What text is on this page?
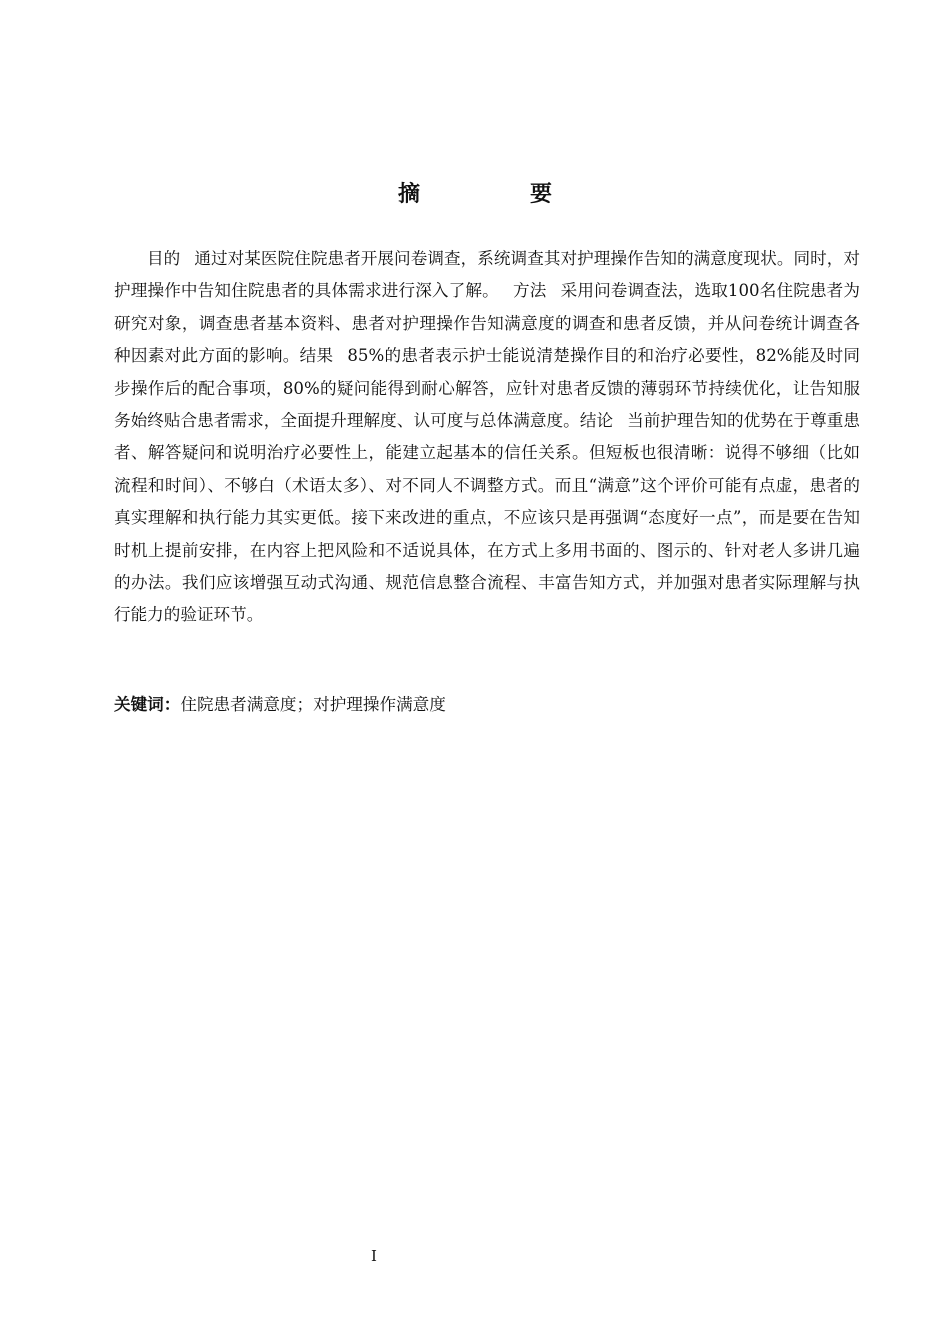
摘　要

目的 通过对某医院住院患者开展问卷调查，系统调查其对护理操作告知的满意度现状。同时，对护理操作中告知住院患者的具体需求进行深入了解。 方法 采用问卷调查法，选取100名住院患者为研究对象，调查患者基本资料、患者对护理操作告知满意度的调查和患者反馈，并从问卷统计调查各种因素对此方面的影响。结果 85%的患者表示护士能说清楚操作目的和治疗必要性，82%能及时同步操作后的配合事项，80%的疑问能得到耐心解答，应针对患者反馈的薄弱环节持续优化，让告知服务始终贴合患者需求，全面提升理解度、认可度与总体满意度。结论 当前护理告知的优势在于尊重患者、解答疑问和说明治疗必要性上，能建立起基本的信任关系。但短板也很清晰：说得不够细（比如流程和时间）、不够白（术语太多）、对不同人不调整方式。而且“满意”这个评价可能有点虚，患者的真实理解和执行能力其实更低。接下来改进的重点，不应该只是再强调“态度好一点”，而是要在告知时机上提前安排，在内容上把风险和不适说具体，在方式上多用书面的、图示的、针对老人多讲几遍的办法。我们应该增强互动式沟通、规范信息整合流程、丰富告知方式，并加强对患者实际理解与执行能力的验证环节。

关键词：住院患者满意度；对护理操作满意度

I
